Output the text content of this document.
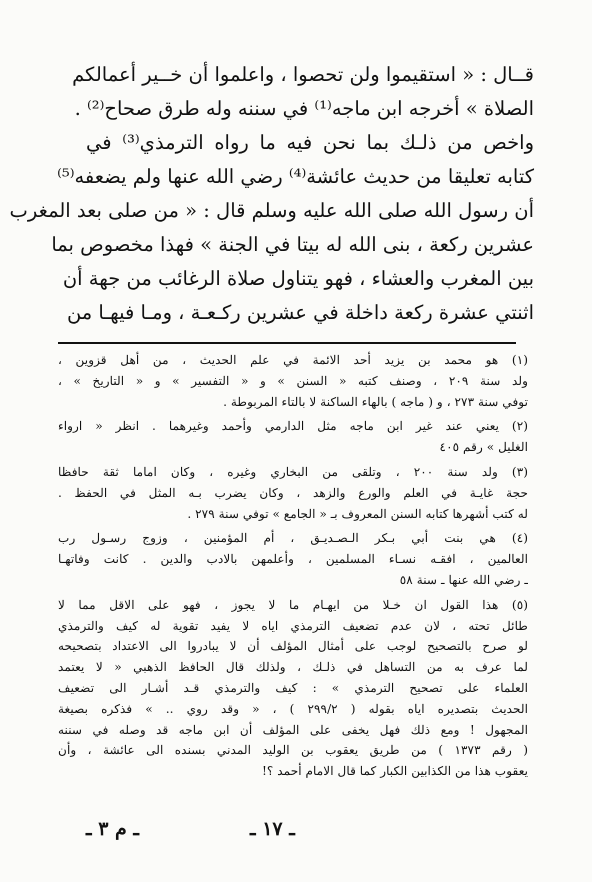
قــال : « استقيموا ولن تحصوا ، واعلموا أن خــير أعمالكم
الصلاة » أخرجه ابن ماجه⁽¹⁾ في سننه وله طرق صحاح⁽²⁾ .
واخص من ذلـك بما نحن فيه ما رواه الترمذي⁽³⁾ في
كتابه تعليقا من حديث عائشة⁽⁴⁾ رضي الله عنها ولم يضعفه⁽⁵⁾
أن رسول الله صلى الله عليه وسلم قال : « من صلى بعد المغرب
عشرين ركعة ، بنى الله له بيتا في الجنة » فهذا مخصوص بما
بين المغرب والعشاء ، فهو يتناول صلاة الرغائب من جهة أن
اثنتي عشرة ركعة داخلة في عشرين ركـعـة ، ومـا فيهـا من
(١) هو محمد بن يزيد أحد الائمة في علم الحديث ، من أهل قزوين ،
ولد سنة ٢٠٩ ، وصنف كتبه « السنن » و « التفسير » و « التاريخ » ،
توفي سنة ٢٧٣ ، و ( ماجه ) بالهاء الساكنة لا بالتاء المربوطة .
(٢) يعني عند غير ابن ماجه مثل الدارمي وأحمد وغيرهما . انظر « ارواء
الغليل » رقم ٤٠٥
(٣) ولد سنة ٢٠٠ ، وتلقى من البخاري وغيره ، وكان اماما ثقة حافظا
حجة غايـة في العلم والورع والزهد ، وكان يضرب بـه المثل في الحفظ .
له كتب أشهرها كتابه السنن المعروف بـ « الجامع » توفي سنة ٢٧٩ .
(٤) هي بنت أبي بـكر الـصـديـق ، أم المؤمنين ، وزوج رسـول رب
العالمين ، افقـه نسـاء المسلمين ، وأعلمهن بالادب والدين . كانت وفاتهـا
ـ رضي الله عنها ـ سنة ٥٨
(٥) هذا القول ان خـلا من ايهـام ما لا يجوز ، فهو على الاقل مما لا
طائل تحته ، لان عدم تضعيف الترمذي اياه لا يفيد تقوية له كيف والترمذي
لو صرح بالتصحيح لوجب على أمثال المؤلف أن لا يبادروا الى الاعتداد بتصحيحه
لما عرف به من التساهل في ذلـك ، ولذلك قال الحافظ الذهبي « لا يعتمد
العلماء على تصحيح الترمذي » : كيف والترمذي قـد أشـار الى تضعيف
الحديث بتصديره اياه بقوله ( ٢٩٩/٢ ) ، « وقد روي .. » فذكره بصيغة
المجهول ! ومع ذلك فهل يخفى على المؤلف أن ابن ماجه قد وصله في سننه
( رقم ١٣٧٣ ) من طريق يعقوب بن الوليد المدني بسنده الى عائشة ، وأن
يعقوب هذا من الكذابين الكبار كما قال الامام أحمد ؟!
ـ ١٧ ـ
ـ م ٣ ـ
